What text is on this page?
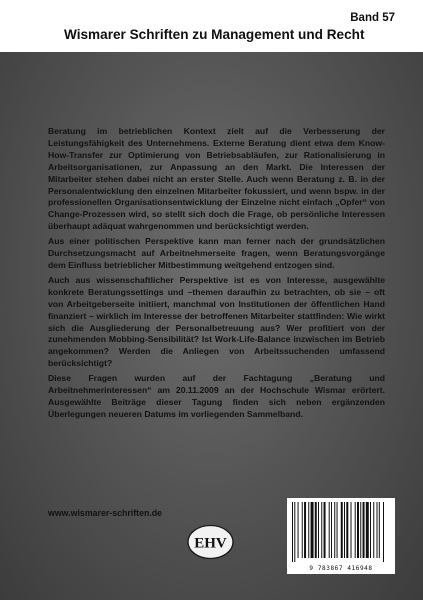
Band 57
Wismarer Schriften zu Management und Recht

Beratung im betrieblichen Kontext zielt auf die Verbesserung der Leistungsfähigkeit des Unternehmens. Externe Beratung dient etwa dem Know-How-Transfer zur Optimierung von Betriebsabläufen, zur Rationalisierung in Arbeitsorganisationen, zur Anpassung an den Markt. Die Interessen der Mitarbeiter stehen dabei nicht an erster Stelle. Auch wenn Beratung z. B. in der Personalentwicklung den einzelnen Mitarbeiter fokussiert, und wenn bspw. in der professionellen Organisationsentwicklung der Einzelne nicht einfach „Opfer“ von Change-Prozessen wird, so stellt sich doch die Frage, ob persönliche Interessen überhaupt adäquat wahrgenommen und berücksichtigt werden.

Aus einer politischen Perspektive kann man ferner nach der grundsätzlichen Durchsetzungsmacht auf Arbeitnehmerseite fragen, wenn Beratungsvorgänge dem Einfluss betrieblicher Mitbestimmung weitgehend entzogen sind.

Auch aus wissenschaftlicher Perspektive ist es von Interesse, ausgewählte konkrete Beratungssettings und –themen daraufhin zu betrachten, ob sie – oft von Arbeitgeberseite initiiert, manchmal von Institutionen der öffentlichen Hand finanziert – wirklich im Interesse der betroffenen Mitarbeiter stattfinden: Wie wirkt sich die Ausgliederung der Personalbetreuung aus? Wer profitiert von der zunehmenden Mobbing-Sensibilität? Ist Work-Life-Balance inzwischen im Betrieb angekommen? Werden die Anliegen von Arbeitssuchenden umfassend berücksichtigt?

Diese Fragen wurden auf der Fachtagung „Beratung und Arbeitnehmerinteressen“ am 20.11.2009 an der Hochschule Wismar erörtert. Ausgewählte Beiträge dieser Tagung finden sich neben ergänzenden Überlegungen neueren Datums im vorliegenden Sammelband.

www.wismarer-schriften.de
EHV
9 783867 416948
